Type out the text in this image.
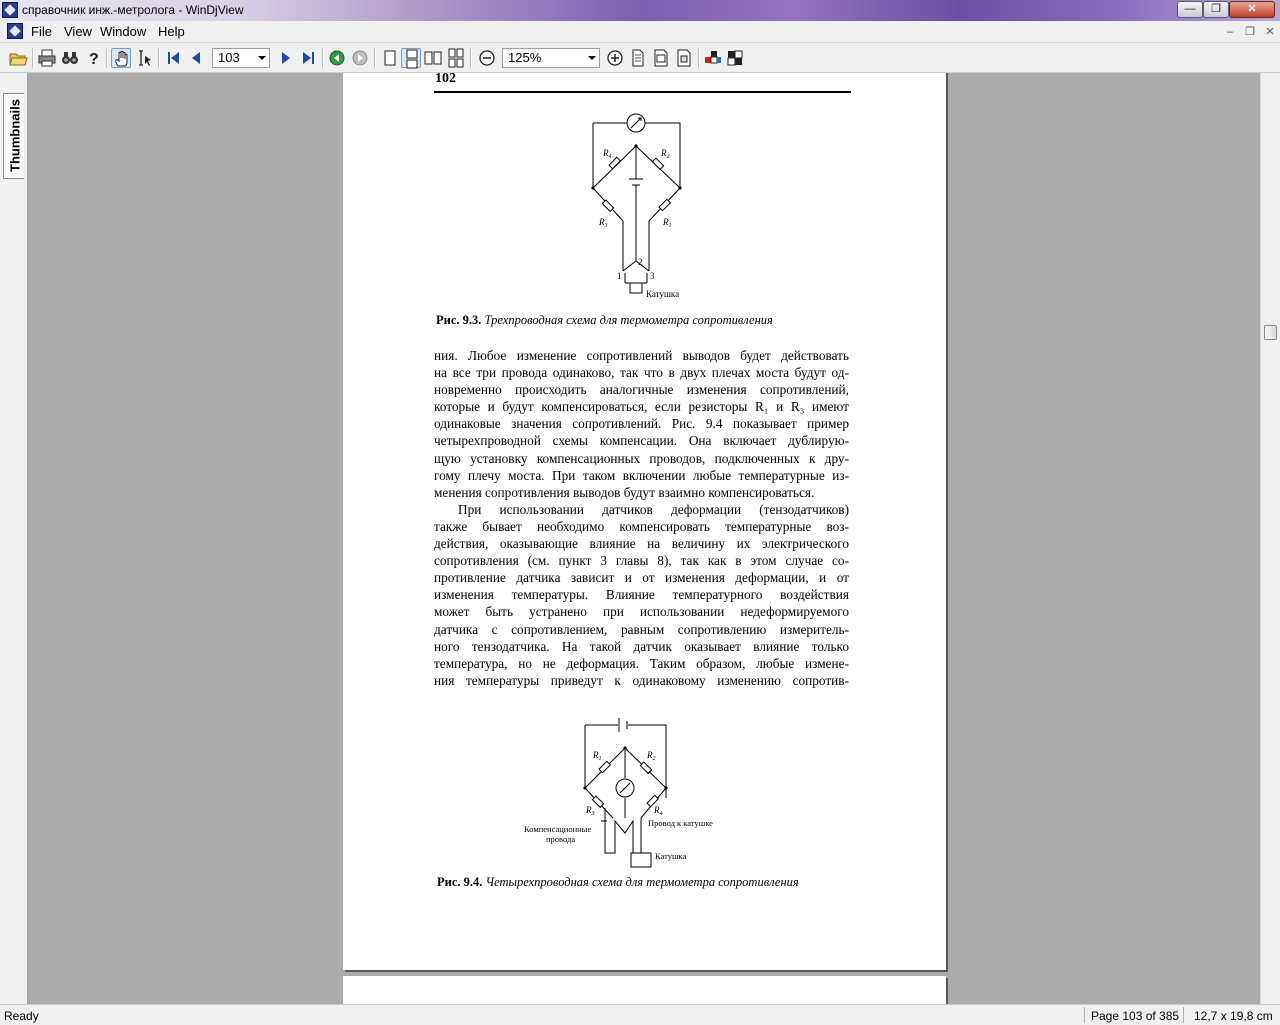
справочник инж.-метролога - WinDjView	—	❐	✕
File View Window Help	–	❐ ✕
?	103	125%
Thumbnails
102
$R_4$	$R_2$
$R_3$	$R_1$
1
2
3
Катушка
Рис. 9.3. Трехпроводная схема для термометра сопротивления
ния. Любое изменение сопротивлений выводов будет действовать
на все три провода одинаково, так что в двух плечах моста будут од-
новременно происходить аналогичные изменения сопротивлений,
которые и будут компенсироваться, если резисторы R₁ и R₃ имеют
одинаковые значения сопротивлений. Рис. 9.4 показывает пример
четырехпроводной схемы компенсации. Она включает дублирую-
щую установку компенсационных проводов, подключенных к дру-
гому плечу моста. При таком включении любые температурные из-
менения сопротивления выводов будут взаимно компенсироваться.
При использовании датчиков деформации (тензодатчиков)
также бывает необходимо компенсировать температурные воз-
действия, оказывающие влияние на величину их электрического
сопротивления (см. пункт 3 главы 8), так как в этом случае со-
противление датчика зависит и от изменения деформации, и от
изменения температуры. Влияние температурного воздействия
может быть устранено при использовании недеформируемого
датчика с сопротивлением, равным сопротивлению измеритель-
ного тензодатчика. На такой датчик оказывает влияние только
температура, но не деформация. Таким образом, любые измене-
ния температуры приведут к одинаковому изменению сопротив-
$R_1$	$R_2$
$R_3$	$R_4$
Компенсационные
провода
Провод к катушке
Катушка
Рис. 9.4. Четырехпроводная схема для термометра сопротивления
Ready	Page 103 of 385 12,7 x 19,8 cm
